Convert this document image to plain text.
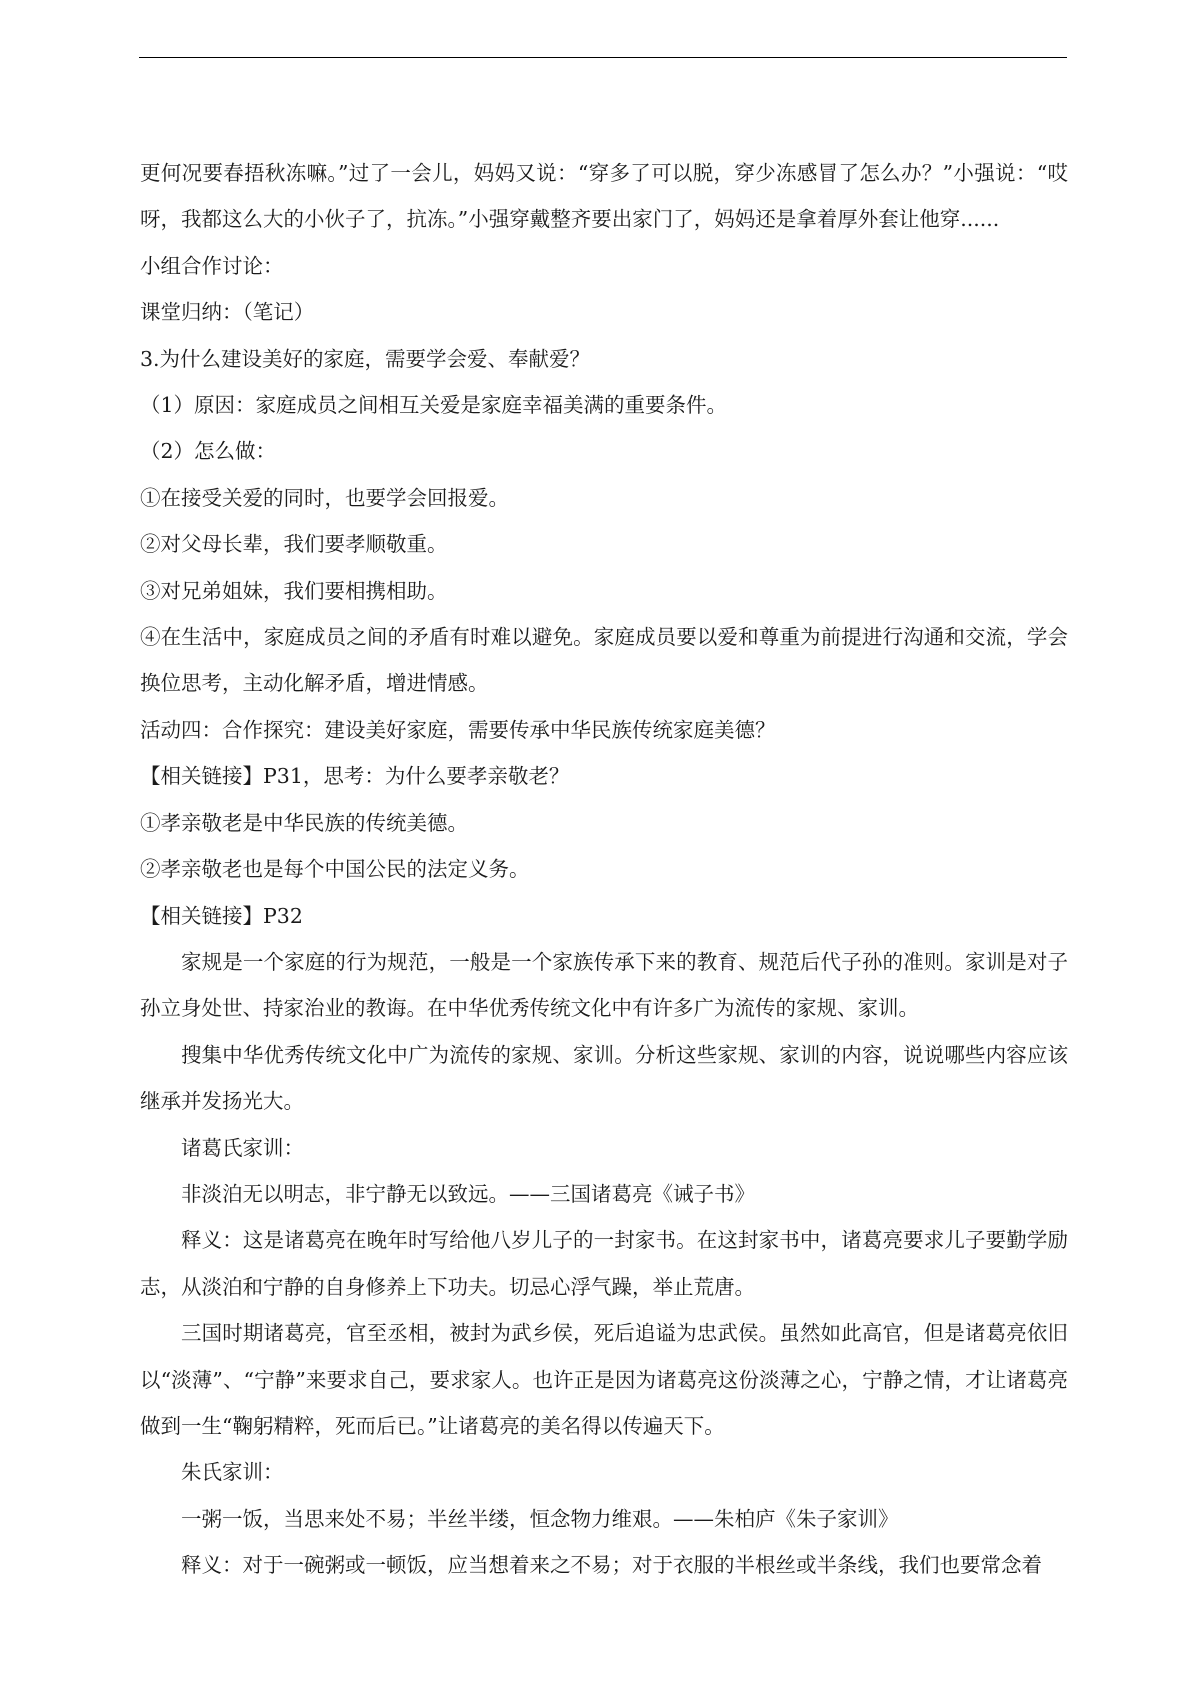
更何况要春捂秋冻嘛。”过了一会儿，妈妈又说：“穿多了可以脱，穿少冻感冒了怎么办？”小强说：“哎呀，我都这么大的小伙子了，抗冻。”小强穿戴整齐要出家门了，妈妈还是拿着厚外套让他穿......

小组合作讨论：

课堂归纳：（笔记）

3.为什么建设美好的家庭，需要学会爱、奉献爱？

（1）原因：家庭成员之间相互关爱是家庭幸福美满的重要条件。

（2）怎么做：

①在接受关爱的同时，也要学会回报爱。

②对父母长辈，我们要孝顺敬重。

③对兄弟姐妹，我们要相携相助。

④在生活中，家庭成员之间的矛盾有时难以避免。家庭成员要以爱和尊重为前提进行沟通和交流，学会换位思考，主动化解矛盾，增进情感。

活动四：合作探究：建设美好家庭，需要传承中华民族传统家庭美德？

【相关链接】P31，思考：为什么要孝亲敬老？

①孝亲敬老是中华民族的传统美德。

②孝亲敬老也是每个中国公民的法定义务。

【相关链接】P32

家规是一个家庭的行为规范，一般是一个家族传承下来的教育、规范后代子孙的准则。家训是对子孙立身处世、持家治业的教诲。在中华优秀传统文化中有许多广为流传的家规、家训。

搜集中华优秀传统文化中广为流传的家规、家训。分析这些家规、家训的内容，说说哪些内容应该继承并发扬光大。

诸葛氏家训：

非淡泊无以明志，非宁静无以致远。——三国诸葛亮《诫子书》

释义：这是诸葛亮在晚年时写给他八岁儿子的一封家书。在这封家书中，诸葛亮要求儿子要勤学励志，从淡泊和宁静的自身修养上下功夫。切忌心浮气躁，举止荒唐。

三国时期诸葛亮，官至丞相，被封为武乡侯，死后追谥为忠武侯。虽然如此高官，但是诸葛亮依旧以“淡薄”、“宁静”来要求自己，要求家人。也许正是因为诸葛亮这份淡薄之心，宁静之情，才让诸葛亮做到一生“鞠躬精粹，死而后已。”让诸葛亮的美名得以传遍天下。

朱氏家训：

一粥一饭，当思来处不易；半丝半缕，恒念物力维艰。——朱柏庐《朱子家训》

释义：对于一碗粥或一顿饭，应当想着来之不易；对于衣服的半根丝或半条线，我们也要常念着
